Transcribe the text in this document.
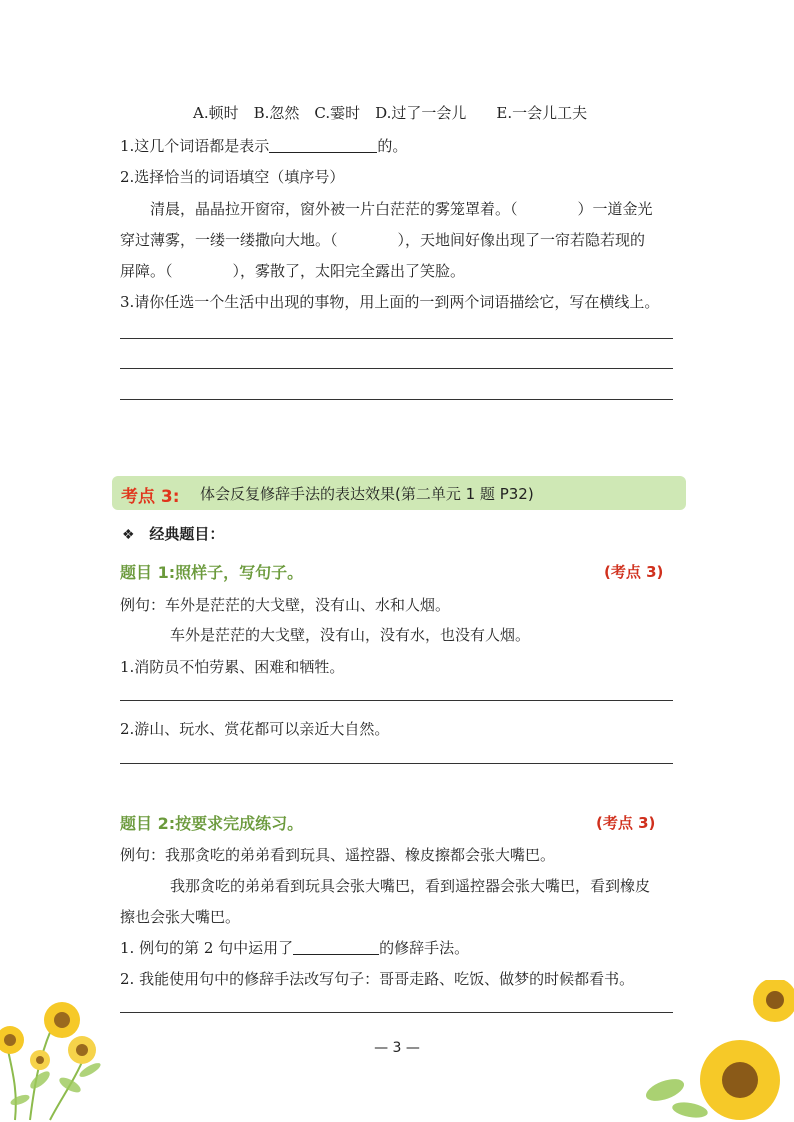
A.顿时　B.忽然　C.霎时　D.过了一会儿　　E.一会儿工夫
1.这几个词语都是表示	的。
2.选择恰当的词语填空（填序号）
清晨，晶晶拉开窗帘，窗外被一片白茫茫的雾笼罩着。（　　　　）一道金光
穿过薄雾，一缕一缕撒向大地。（　　　　），天地间好像出现了一帘若隐若现的
屏障。（　　　　），雾散了，太阳完全露出了笑脸。
3.请你任选一个生活中出现的事物，用上面的一到两个词语描绘它，写在横线上。
考点 3: 体会反复修辞手法的表达效果(第二单元 1 题 P32)
❖ 经典题目：
题目 1:照样子，写句子。	(考点 3)
例句：车外是茫茫的大戈壁，没有山、水和人烟。
车外是茫茫的大戈壁，没有山，没有水，也没有人烟。
1.消防员不怕劳累、困难和牺牲。
2.游山、玩水、赏花都可以亲近大自然。
题目 2:按要求完成练习。	(考点 3)
例句：我那贪吃的弟弟看到玩具、遥控器、橡皮擦都会张大嘴巴。
我那贪吃的弟弟看到玩具会张大嘴巴，看到遥控器会张大嘴巴，看到橡皮
擦也会张大嘴巴。
1. 例句的第 2 句中运用了	的修辞手法。
2. 我能使用句中的修辞手法改写句子：哥哥走路、吃饭、做梦的时候都看书。
— 3 —
